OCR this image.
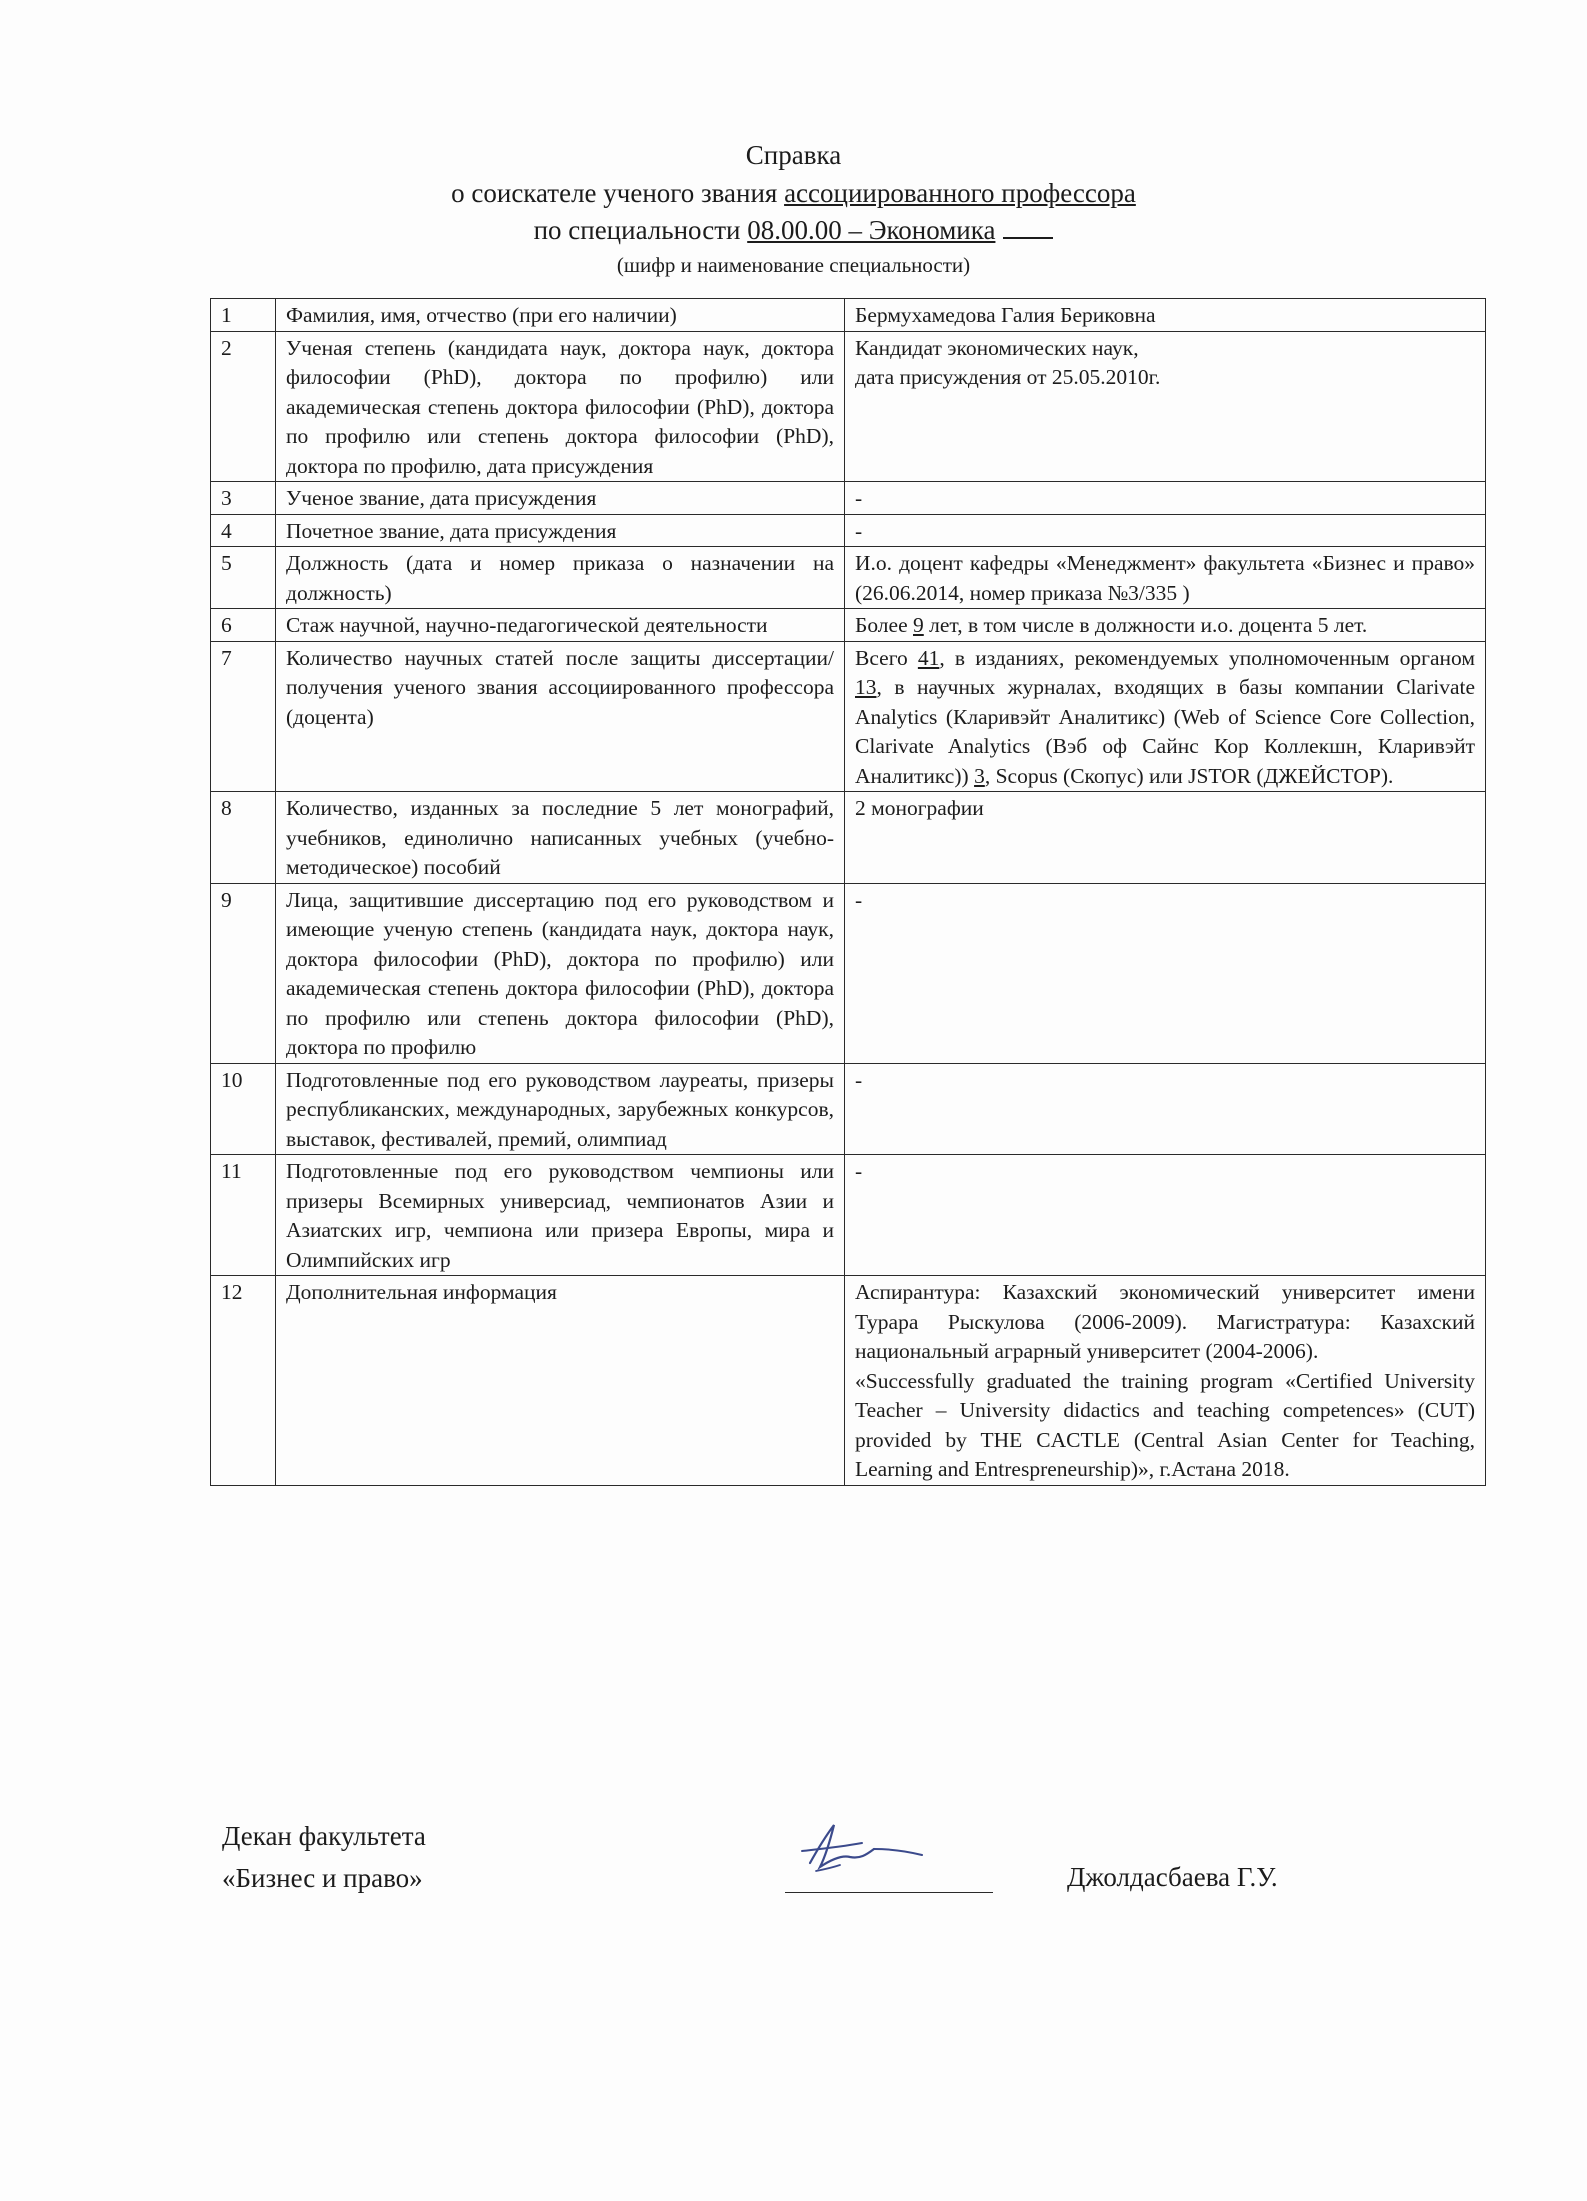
Справка
о соискателе ученого звания ассоциированного профессора
по специальности 08.00.00 – Экономика
(шифр и наименование специальности)
1	Фамилия, имя, отчество (при его наличии)	Бермухамедова Галия Бериковна
2	Ученая степень (кандидата наук, доктора наук, доктора философии (PhD), доктора по профилю) или академическая степень доктора философии (PhD), доктора по профилю или степень доктора философии (PhD), доктора по профилю, дата присуждения	Кандидат экономических наук,
дата присуждения от 25.05.2010г.

3	Ученое звание, дата присуждения	-
4	Почетное звание, дата присуждения	-
5	Должность (дата и номер приказа о назначении на должность)	И.о. доцент кафедры «Менеджмент» факультета «Бизнес и право» (26.06.2014, номер приказа №3/335 )
6	Стаж научной, научно-педагогической деятельности	Более 9 лет, в том числе в должности и.о. доцента 5 лет.
7	Количество научных статей после защиты диссертации/получения ученого звания ассоциированного профессора (доцента)	Всего 41, в изданиях, рекомендуемых уполномоченным органом 13, в научных журналах, входящих в базы компании Clarivate Analytics (Кларивэйт Аналитикс) (Web of Science Core Collection, Clarivate Analytics (Вэб оф Сайнс Кор Коллекшн, Кларивэйт Аналитикс)) 3, Scopus (Скопус) или JSTOR (ДЖЕЙСТОР).
8	Количество, изданных за последние 5 лет монографий, учебников, единолично написанных учебных (учебно-методическое) пособий	2 монографии
9	Лица, защитившие диссертацию под его руководством и имеющие ученую степень (кандидата наук, доктора наук, доктора философии (PhD), доктора по профилю) или академическая степень доктора философии (PhD), доктора по профилю или степень доктора философии (PhD), доктора по профилю	-
10	Подготовленные под его руководством лауреаты, призеры республиканских, международных, зарубежных конкурсов, выставок, фестивалей, премий, олимпиад	-
11	Подготовленные под его руководством чемпионы или призеры Всемирных универсиад, чемпионатов Азии и Азиатских игр, чемпиона или призера Европы, мира и Олимпийских игр	-
12	Дополнительная информация	Аспирантура: Казахский экономический университет имени Турара Рыскулова (2006-2009). Магистратура: Казахский национальный аграрный университет (2004-2006).
«Successfully graduated the training program «Certified University Teacher – University didactics and teaching competences» (CUT) provided by THE CACTLE (Central Asian Center for Teaching, Learning and Entrespreneurship)», г.Астана 2018.
Декан факультета
«Бизнес и право»	Джолдасбаева Г.У.
